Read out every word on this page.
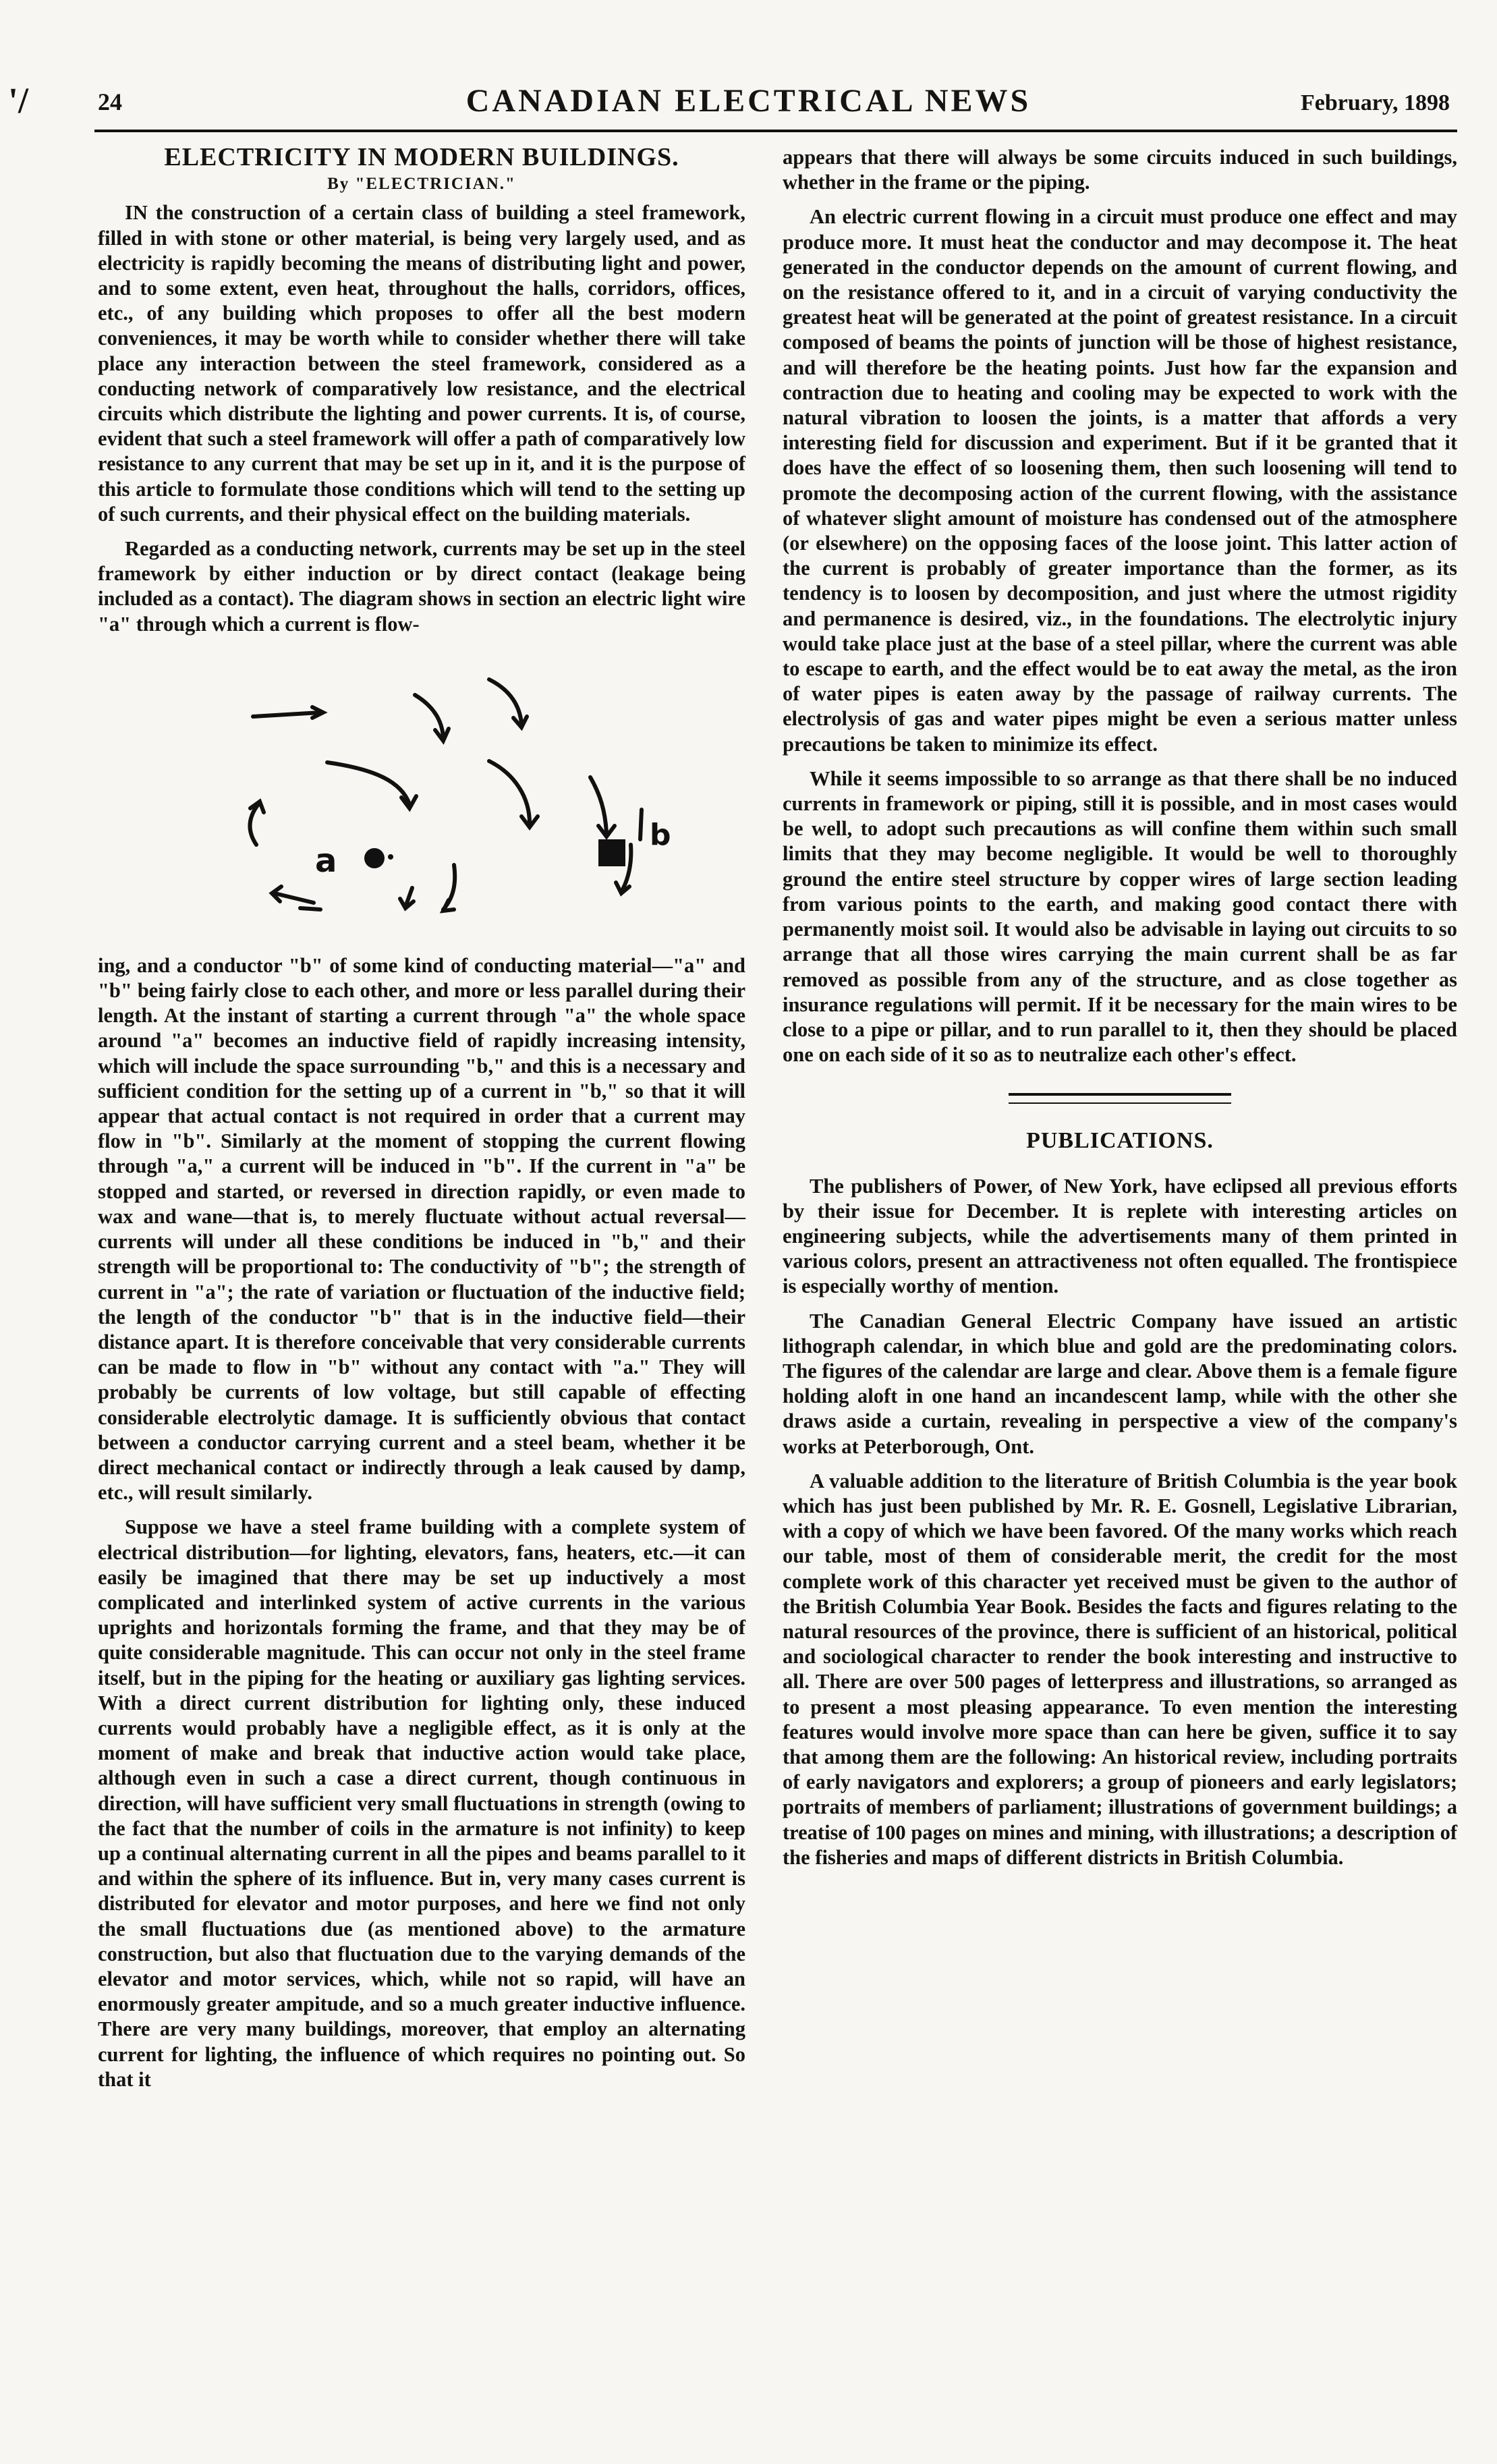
'/	24	CANADIAN ELECTRICAL NEWS	February, 1898
ELECTRICITY IN MODERN BUILDINGS.
By "ELECTRICIAN."

IN the construction of a certain class of building a steel framework, filled in with stone or other material, is being very largely used, and as electricity is rapidly becoming the means of distributing light and power, and to some extent, even heat, throughout the halls, corridors, offices, etc., of any building which proposes to offer all the best modern conveniences, it may be worth while to consider whether there will take place any interaction between the steel framework, considered as a conducting network of comparatively low resistance, and the electrical circuits which distribute the lighting and power currents. It is, of course, evident that such a steel framework will offer a path of comparatively low resistance to any current that may be set up in it, and it is the purpose of this article to formulate those conditions which will tend to the setting up of such currents, and their physical effect on the building materials.

Regarded as a conducting network, currents may be set up in the steel framework by either induction or by direct contact (leakage being included as a contact). The diagram shows in section an electric light wire "a" through which a current is flow-

a
b

ing, and a conductor "b" of some kind of conducting material—"a" and "b" being fairly close to each other, and more or less parallel during their length. At the instant of starting a current through "a" the whole space around "a" becomes an inductive field of rapidly increasing intensity, which will include the space surrounding "b," and this is a necessary and sufficient condition for the setting up of a current in "b," so that it will appear that actual contact is not required in order that a current may flow in "b". Similarly at the moment of stopping the current flowing through "a," a current will be induced in "b". If the current in "a" be stopped and started, or reversed in direction rapidly, or even made to wax and wane—that is, to merely fluctuate without actual reversal—currents will under all these conditions be induced in "b," and their strength will be proportional to: The conductivity of "b"; the strength of current in "a"; the rate of variation or fluctuation of the inductive field; the length of the conductor "b" that is in the inductive field—their distance apart. It is therefore conceivable that very considerable currents can be made to flow in "b" without any contact with "a." They will probably be currents of low voltage, but still capable of effecting considerable electrolytic damage. It is sufficiently obvious that contact between a conductor carrying current and a steel beam, whether it be direct mechanical contact or indirectly through a leak caused by damp, etc., will result similarly.

Suppose we have a steel frame building with a complete system of electrical distribution—for lighting, elevators, fans, heaters, etc.—it can easily be imagined that there may be set up inductively a most complicated and interlinked system of active currents in the various uprights and horizontals forming the frame, and that they may be of quite considerable magnitude. This can occur not only in the steel frame itself, but in the piping for the heating or auxiliary gas lighting services. With a direct current distribution for lighting only, these induced currents would probably have a negligible effect, as it is only at the moment of make and break that inductive action would take place, although even in such a case a direct current, though continuous in direction, will have sufficient very small fluctuations in strength (owing to the fact that the number of coils in the armature is not infinity) to keep up a continual alternating current in all the pipes and beams parallel to it and within the sphere of its influence. But in, very many cases current is distributed for elevator and motor purposes, and here we find not only the small fluctuations due (as mentioned above) to the armature construction, but also that fluctuation due to the varying demands of the elevator and motor services, which, while not so rapid, will have an enormously greater ampitude, and so a much greater inductive influence. There are very many buildings, moreover, that employ an alternating current for lighting, the influence of which requires no pointing out. So that it

appears that there will always be some circuits induced in such buildings, whether in the frame or the piping.

An electric current flowing in a circuit must produce one effect and may produce more. It must heat the conductor and may decompose it. The heat generated in the conductor depends on the amount of current flowing, and on the resistance offered to it, and in a circuit of varying conductivity the greatest heat will be generated at the point of greatest resistance. In a circuit composed of beams the points of junction will be those of highest resistance, and will therefore be the heating points. Just how far the expansion and contraction due to heating and cooling may be expected to work with the natural vibration to loosen the joints, is a matter that affords a very interesting field for discussion and experiment. But if it be granted that it does have the effect of so loosening them, then such loosening will tend to promote the decomposing action of the current flowing, with the assistance of whatever slight amount of moisture has condensed out of the atmosphere (or elsewhere) on the opposing faces of the loose joint. This latter action of the current is probably of greater importance than the former, as its tendency is to loosen by decomposition, and just where the utmost rigidity and permanence is desired, viz., in the foundations. The electrolytic injury would take place just at the base of a steel pillar, where the current was able to escape to earth, and the effect would be to eat away the metal, as the iron of water pipes is eaten away by the passage of railway currents. The electrolysis of gas and water pipes might be even a serious matter unless precautions be taken to minimize its effect.

While it seems impossible to so arrange as that there shall be no induced currents in framework or piping, still it is possible, and in most cases would be well, to adopt such precautions as will confine them within such small limits that they may become negligible. It would be well to thoroughly ground the entire steel structure by copper wires of large section leading from various points to the earth, and making good contact there with permanently moist soil. It would also be advisable in laying out circuits to so arrange that all those wires carrying the main current shall be as far removed as possible from any of the structure, and as close together as insurance regulations will permit. If it be necessary for the main wires to be close to a pipe or pillar, and to run parallel to it, then they should be placed one on each side of it so as to neutralize each other's effect.

PUBLICATIONS.

The publishers of Power, of New York, have eclipsed all previous efforts by their issue for December. It is replete with interesting articles on engineering subjects, while the advertisements many of them printed in various colors, present an attractiveness not often equalled. The frontispiece is especially worthy of mention.

The Canadian General Electric Company have issued an artistic lithograph calendar, in which blue and gold are the predominating colors. The figures of the calendar are large and clear. Above them is a female figure holding aloft in one hand an incandescent lamp, while with the other she draws aside a curtain, revealing in perspective a view of the company's works at Peterborough, Ont.

A valuable addition to the literature of British Columbia is the year book which has just been published by Mr. R. E. Gosnell, Legislative Librarian, with a copy of which we have been favored. Of the many works which reach our table, most of them of considerable merit, the credit for the most complete work of this character yet received must be given to the author of the British Columbia Year Book. Besides the facts and figures relating to the natural resources of the province, there is sufficient of an historical, political and sociological character to render the book interesting and instructive to all. There are over 500 pages of letterpress and illustrations, so arranged as to present a most pleasing appearance. To even mention the interesting features would involve more space than can here be given, suffice it to say that among them are the following: An historical review, including portraits of early navigators and explorers; a group of pioneers and early legislators; portraits of members of parliament; illustrations of government buildings; a treatise of 100 pages on mines and mining, with illustrations; a description of the fisheries and maps of different districts in British Columbia.
